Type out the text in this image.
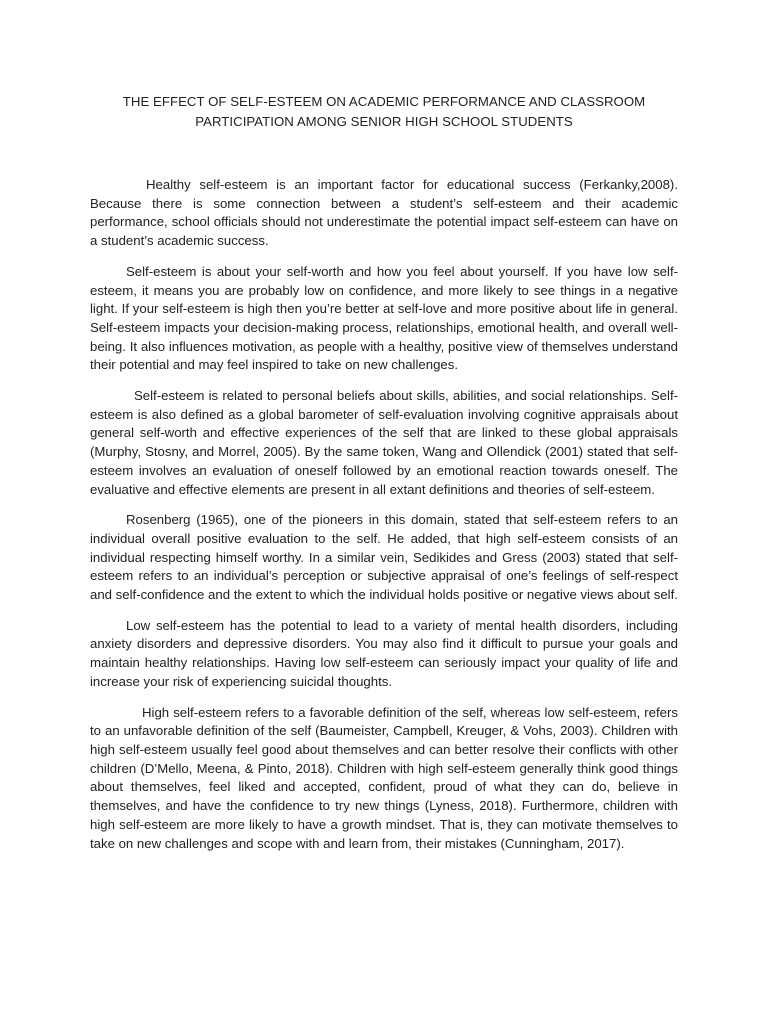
THE EFFECT OF SELF-ESTEEM ON ACADEMIC PERFORMANCE AND CLASSROOM PARTICIPATION AMONG SENIOR HIGH SCHOOL STUDENTS

Healthy self-esteem is an important factor for educational success (Ferkanky,2008). Because there is some connection between a student’s self-esteem and their academic performance, school officials should not underestimate the potential impact self-esteem can have on a student’s academic success.

Self-esteem is about your self-worth and how you feel about yourself. If you have low self-esteem, it means you are probably low on confidence, and more likely to see things in a negative light. If your self-esteem is high then you’re better at self-love and more positive about life in general. Self-esteem impacts your decision-making process, relationships, emotional health, and overall well-being. It also influences motivation, as people with a healthy, positive view of themselves understand their potential and may feel inspired to take on new challenges.

Self-esteem is related to personal beliefs about skills, abilities, and social relationships. Self-esteem is also defined as a global barometer of self-evaluation involving cognitive appraisals about general self-worth and effective experiences of the self that are linked to these global appraisals (Murphy, Stosny, and Morrel, 2005). By the same token, Wang and Ollendick (2001) stated that self-esteem involves an evaluation of oneself followed by an emotional reaction towards oneself. The evaluative and effective elements are present in all extant definitions and theories of self-esteem.

Rosenberg (1965), one of the pioneers in this domain, stated that self-esteem refers to an individual overall positive evaluation to the self. He added, that high self-esteem consists of an individual respecting himself worthy. In a similar vein, Sedikides and Gress (2003) stated that self-esteem refers to an individual’s perception or subjective appraisal of one’s feelings of self-respect and self-confidence and the extent to which the individual holds positive or negative views about self.

Low self-esteem has the potential to lead to a variety of mental health disorders, including anxiety disorders and depressive disorders. You may also find it difficult to pursue your goals and maintain healthy relationships. Having low self-esteem can seriously impact your quality of life and increase your risk of experiencing suicidal thoughts.

High self-esteem refers to a favorable definition of the self, whereas low self-esteem, refers to an unfavorable definition of the self (Baumeister, Campbell, Kreuger, & Vohs, 2003). Children with high self-esteem usually feel good about themselves and can better resolve their conflicts with other children (D’Mello, Meena, & Pinto, 2018). Children with high self-esteem generally think good things about themselves, feel liked and accepted, confident, proud of what they can do, believe in themselves, and have the confidence to try new things (Lyness, 2018). Furthermore, children with high self-esteem are more likely to have a growth mindset. That is, they can motivate themselves to take on new challenges and scope with and learn from, their mistakes (Cunningham, 2017).
